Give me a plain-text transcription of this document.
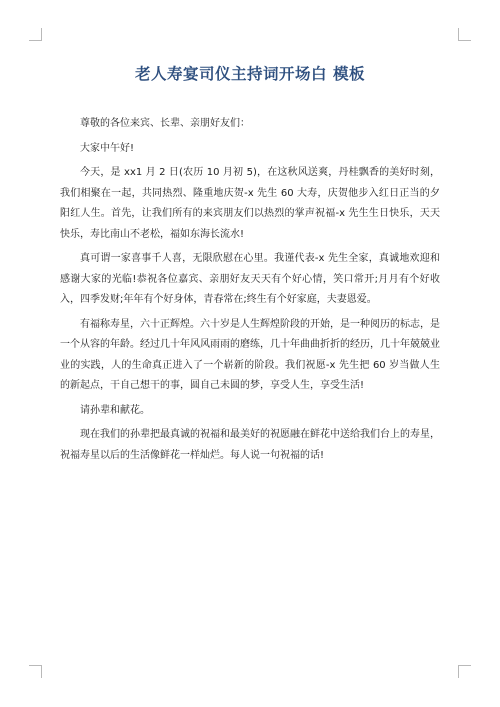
老人寿宴司仪主持词开场白 模板

尊敬的各位来宾、长辈、亲朋好友们：

大家中午好!

今天，是 xx1 月 2 日(农历 10 月初 5)，在这秋风送爽，丹桂飘香的美好时刻，我们相聚在一起，共同热烈、隆重地庆贺-x 先生 60 大寿，庆贺他步入红日正当的夕阳红人生。首先，让我们所有的来宾朋友们以热烈的掌声祝福-x 先生生日快乐，天天快乐，寿比南山不老松，福如东海长流水!

真可谓一家喜事千人喜，无限欣慰在心里。我谨代表-x 先生全家，真诚地欢迎和感谢大家的光临!恭祝各位嘉宾、亲朋好友天天有个好心情，笑口常开;月月有个好收入，四季发财;年年有个好身体，青春常在;终生有个好家庭，夫妻恩爱。

有福称寿星，六十正辉煌。六十岁是人生辉煌阶段的开始，是一种阅历的标志，是一个从容的年龄。经过几十年风风雨雨的磨练，几十年曲曲折折的经历，几十年兢兢业业的实践，人的生命真正进入了一个崭新的阶段。我们祝愿-x 先生把 60 岁当做人生的新起点，干自己想干的事，圆自己未圆的梦，享受人生，享受生活!

请孙辈和献花。

现在我们的孙辈把最真诚的祝福和最美好的祝愿融在鲜花中送给我们台上的寿星，祝福寿星以后的生活像鲜花一样灿烂。每人说一句祝福的话!
